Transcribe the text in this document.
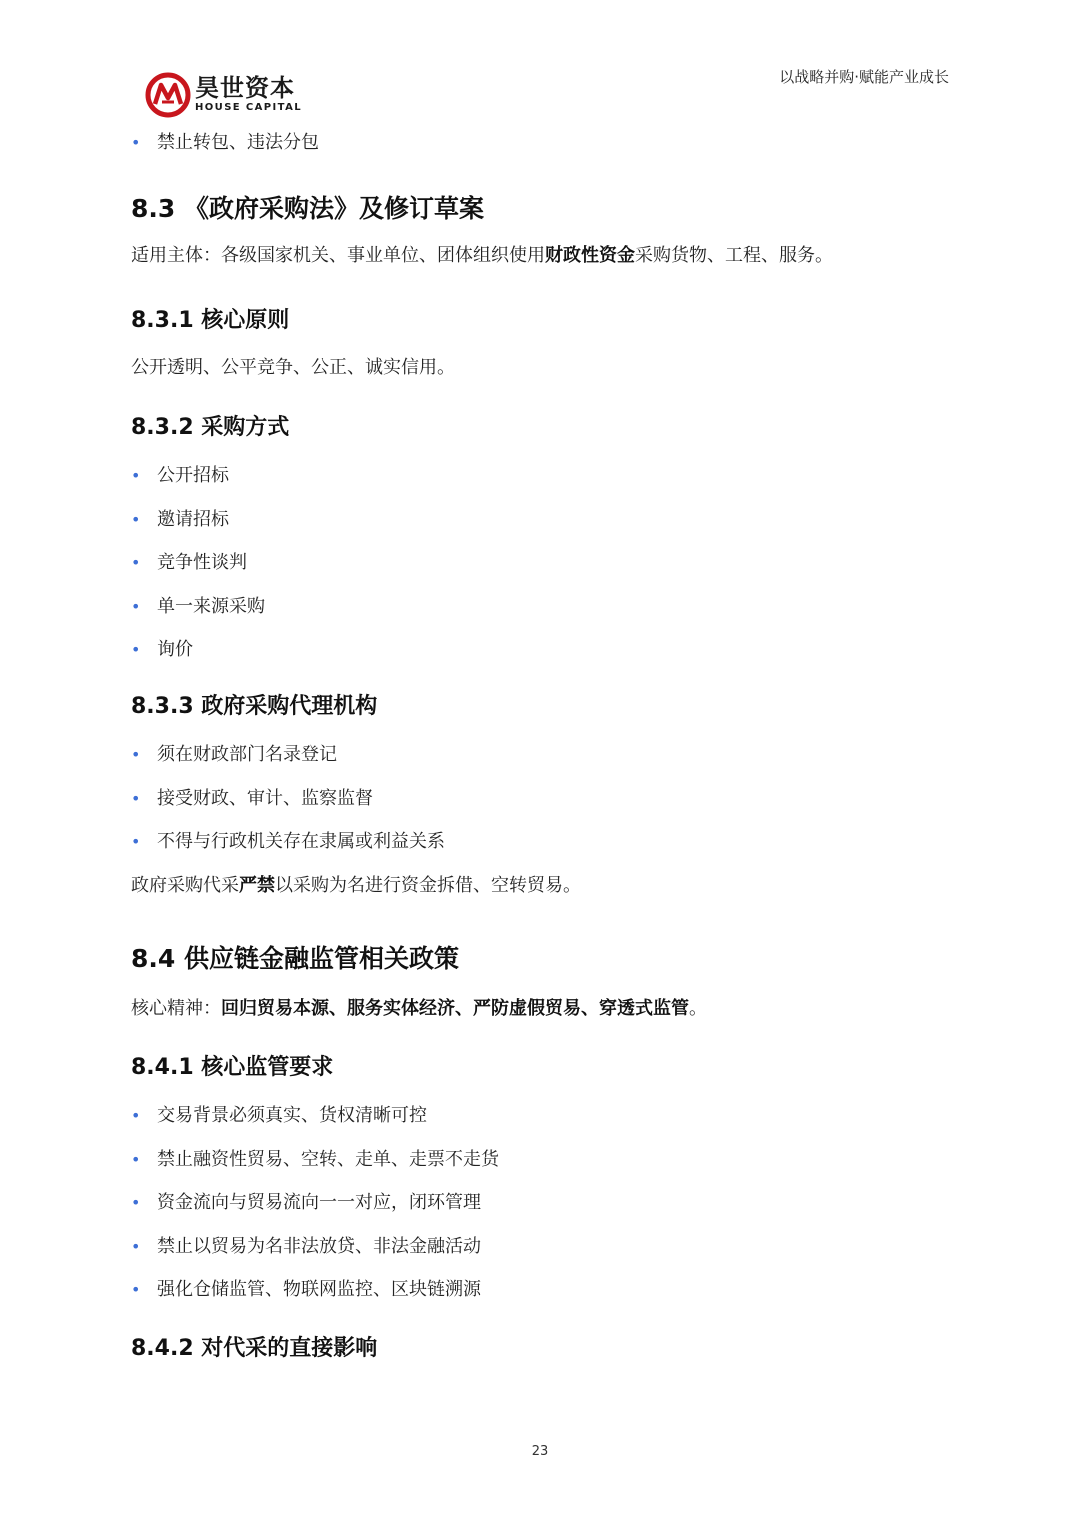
昊世资本
HOUSE CAPITAL
以战略并购·赋能产业成长
• 禁止转包、违法分包
8.3 《政府采购法》及修订草案

适用主体：各级国家机关、事业单位、团体组织使用财政性资金采购货物、工程、服务。

8.3.1 核心原则

公开透明、公平竞争、公正、诚实信用。

8.3.2 采购方式
• 公开招标
• 邀请招标
• 竞争性谈判
• 单一来源采购
• 询价
8.3.3 政府采购代理机构
• 须在财政部门名录登记
• 接受财政、审计、监察监督
• 不得与行政机关存在隶属或利益关系

政府采购代采严禁以采购为名进行资金拆借、空转贸易。

8.4 供应链金融监管相关政策

核心精神：回归贸易本源、服务实体经济、严防虚假贸易、穿透式监管。

8.4.1 核心监管要求
• 交易背景必须真实、货权清晰可控
• 禁止融资性贸易、空转、走单、走票不走货
• 资金流向与贸易流向一一对应，闭环管理
• 禁止以贸易为名非法放贷、非法金融活动
• 强化仓储监管、物联网监控、区块链溯源
8.4.2 对代采的直接影响
23
